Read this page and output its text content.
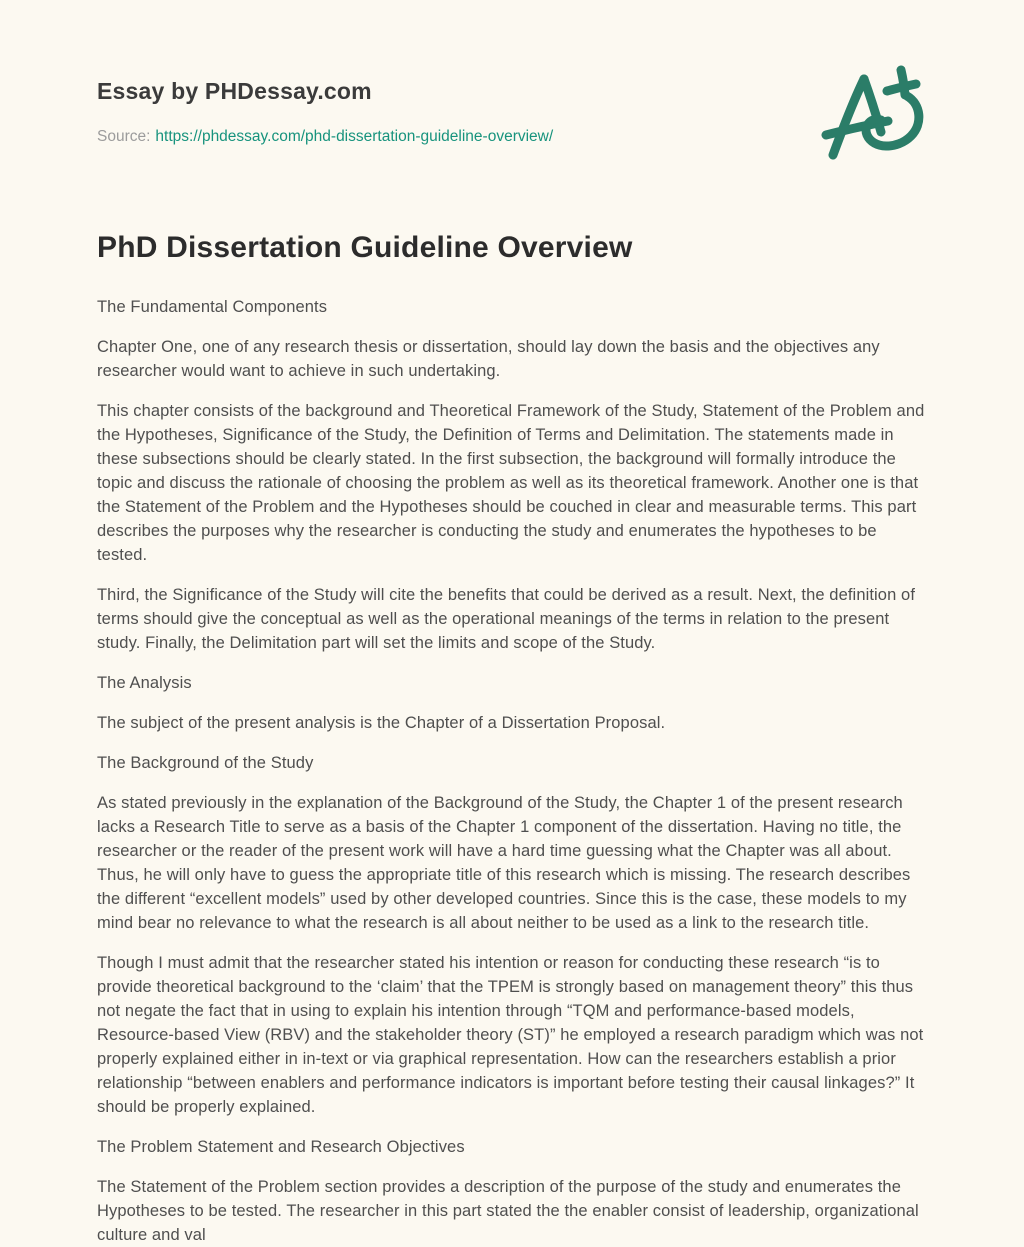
Essay by PHDessay.com
Source: https://phdessay.com/phd-dissertation-guideline-overview/
PhD Dissertation Guideline Overview

The Fundamental Components

Chapter One, one of any research thesis or dissertation, should lay down the basis and the objectives any researcher would want to achieve in such undertaking.

This chapter consists of the background and Theoretical Framework of the Study, Statement of the Problem and the Hypotheses, Significance of the Study, the Definition of Terms and Delimitation. The statements made in these subsections should be clearly stated. In the first subsection, the background will formally introduce the topic and discuss the rationale of choosing the problem as well as its theoretical framework. Another one is that the Statement of the Problem and the Hypotheses should be couched in clear and measurable terms. This part describes the purposes why the researcher is conducting the study and enumerates the hypotheses to be tested.

Third, the Significance of the Study will cite the benefits that could be derived as a result. Next, the definition of terms should give the conceptual as well as the operational meanings of the terms in relation to the present study. Finally, the Delimitation part will set the limits and scope of the Study.

The Analysis

The subject of the present analysis is the Chapter of a Dissertation Proposal.

The Background of the Study

As stated previously in the explanation of the Background of the Study, the Chapter 1 of the present research lacks a Research Title to serve as a basis of the Chapter 1 component of the dissertation. Having no title, the researcher or the reader of the present work will have a hard time guessing what the Chapter was all about. Thus, he will only have to guess the appropriate title of this research which is missing. The research describes the different “excellent models” used by other developed countries. Since this is the case, these models to my mind bear no relevance to what the research is all about neither to be used as a link to the research title.

Though I must admit that the researcher stated his intention or reason for conducting these research “is to provide theoretical background to the ‘claim’ that the TPEM is strongly based on management theory” this thus not negate the fact that in using to explain his intention through “TQM and performance-based models, Resource-based View (RBV) and the stakeholder theory (ST)” he employed a research paradigm which was not properly explained either in in-text or via graphical representation. How can the researchers establish a prior relationship “between enablers and performance indicators is important before testing their causal linkages?” It should be properly explained.

The Problem Statement and Research Objectives

The Statement of the Problem section provides a description of the purpose of the study and enumerates the Hypotheses to be tested. The researcher in this part stated the the enabler consist of leadership, organizational culture and val
